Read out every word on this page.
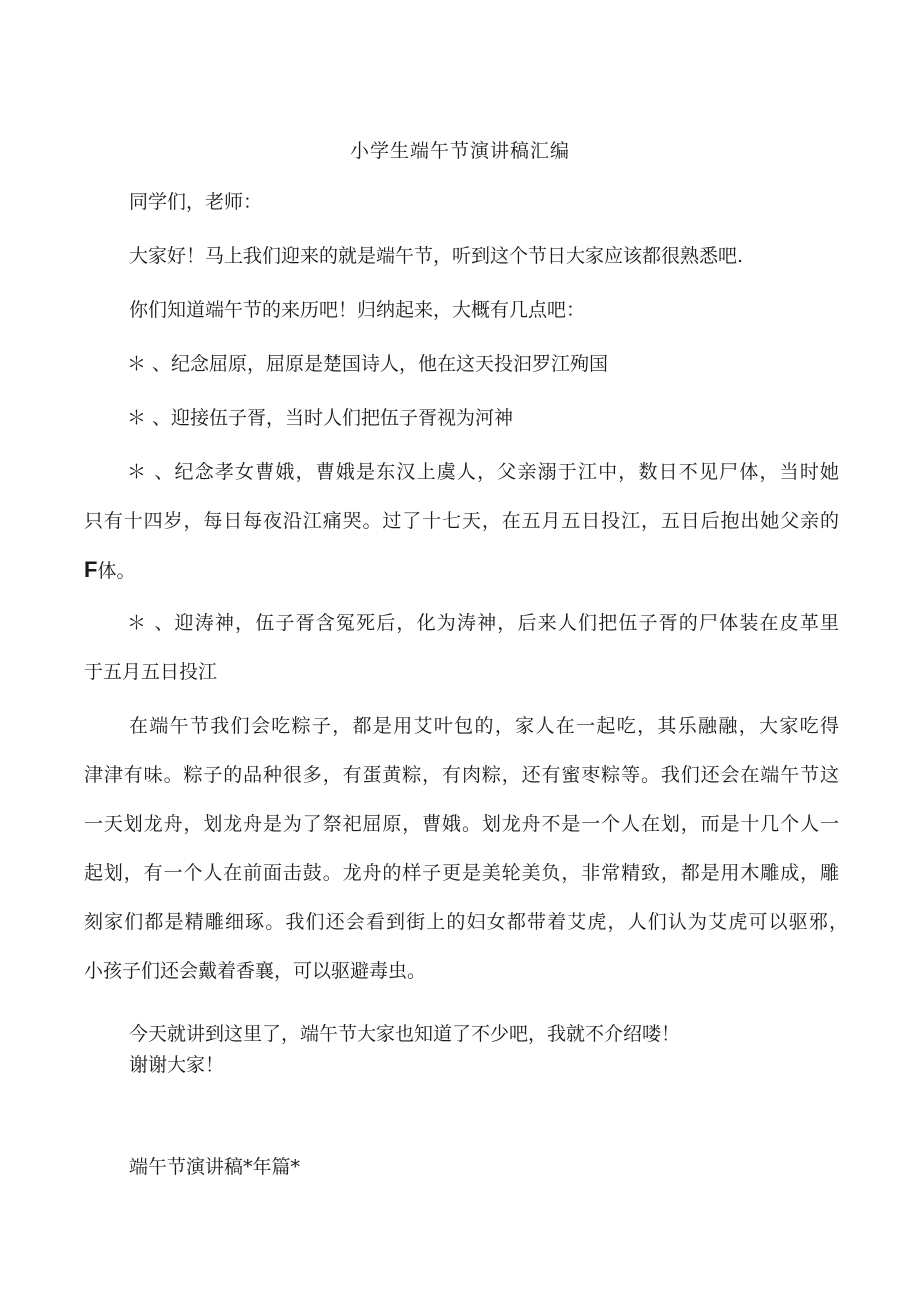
小学生端午节演讲稿汇编
同学们，老师：
大家好！马上我们迎来的就是端午节，听到这个节日大家应该都很熟悉吧.
你们知道端午节的来历吧！归纳起来，大概有几点吧：
＊ 、纪念屈原，屈原是楚国诗人，他在这天投汩罗江殉国
＊ 、迎接伍子胥，当时人们把伍子胥视为河神
＊ 、纪念孝女曹娥，曹娥是东汉上虞人，父亲溺于江中，数日不见尸体，当时她
只有十四岁，每日每夜沿江痛哭。过了十七天，在五月五日投江，五日后抱出她父亲的
F体。
＊ 、迎涛神，伍子胥含冤死后，化为涛神，后来人们把伍子胥的尸体装在皮革里
于五月五日投江
在端午节我们会吃粽子，都是用艾叶包的，家人在一起吃，其乐融融，大家吃得
津津有味。粽子的品种很多，有蛋黄粽，有肉粽，还有蜜枣粽等。我们还会在端午节这
一天划龙舟，划龙舟是为了祭祀屈原，曹娥。划龙舟不是一个人在划，而是十几个人一
起划，有一个人在前面击鼓。龙舟的样子更是美轮美负，非常精致，都是用木雕成，雕
刻家们都是精雕细琢。我们还会看到街上的妇女都带着艾虎，人们认为艾虎可以驱邪，
小孩子们还会戴着香襄，可以驱避毒虫。
今天就讲到这里了，端午节大家也知道了不少吧，我就不介绍喽！
谢谢大家！
端午节演讲稿*年篇*
